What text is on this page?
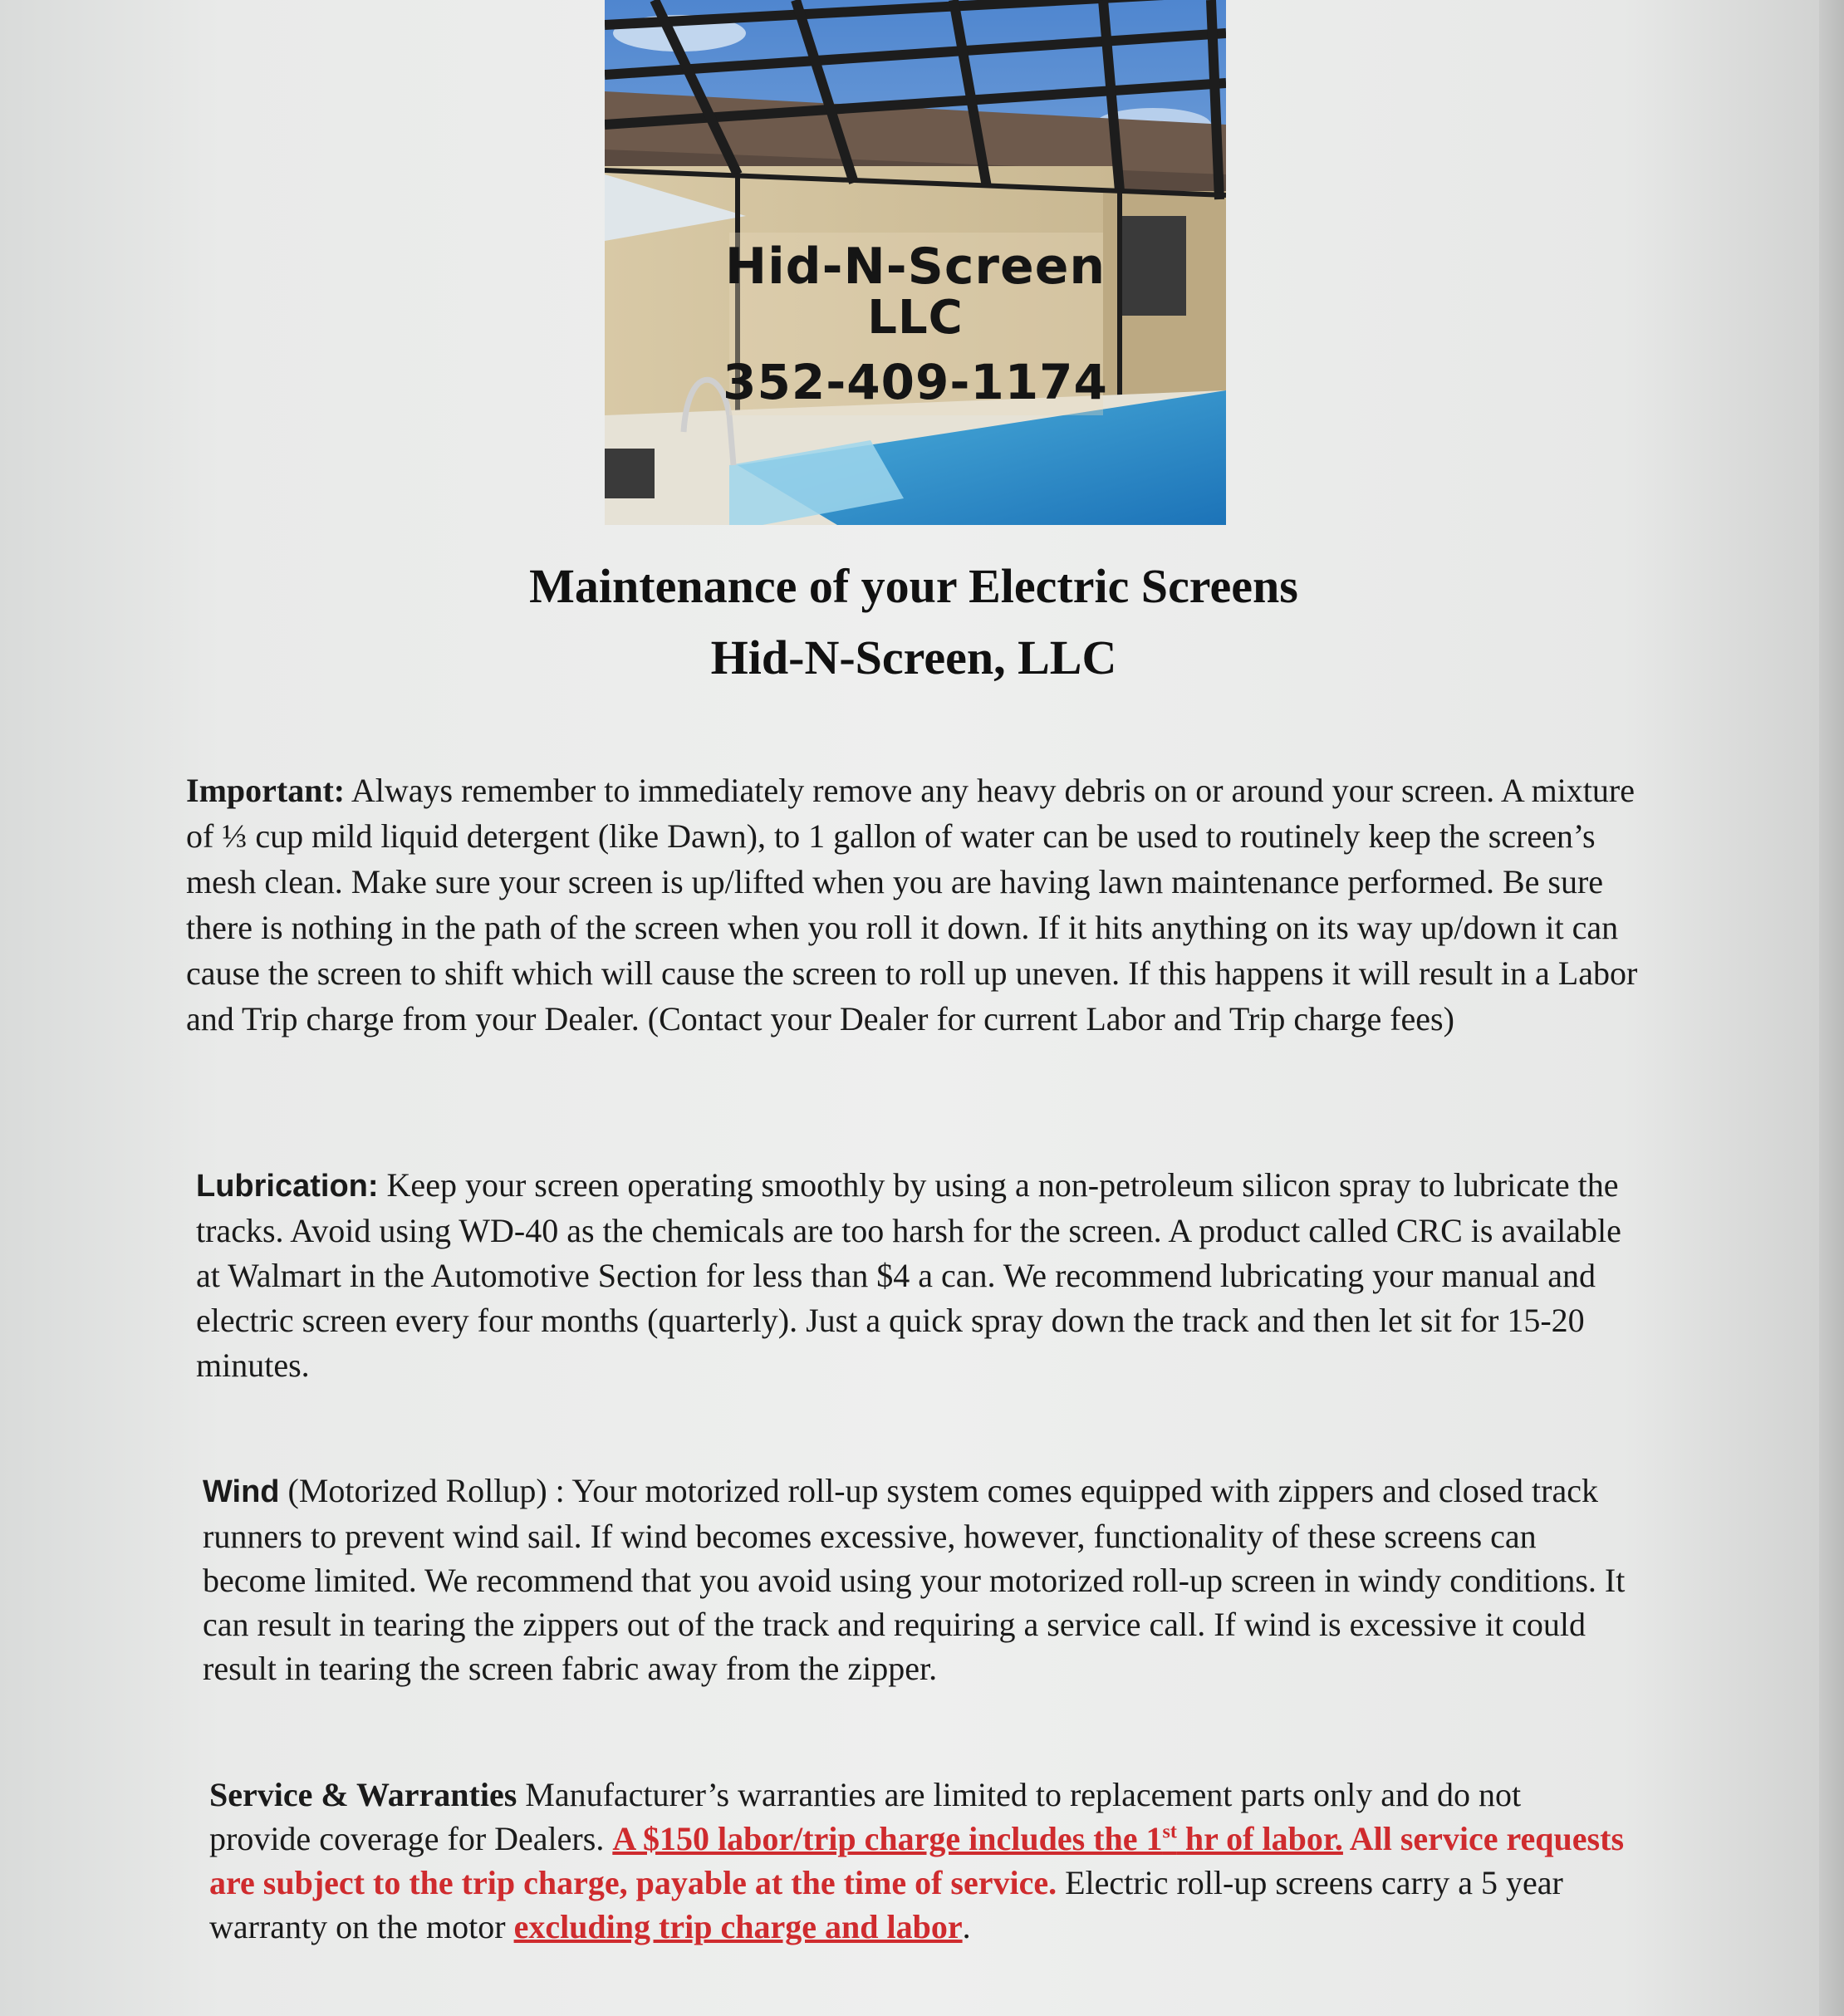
Hid-N-Screen
LLC
352-409-1174
Maintenance of your Electric Screens
Hid-N-Screen, LLC
Important: Always remember to immediately remove any heavy debris on or around your screen. A mixture of ⅓ cup mild liquid detergent (like Dawn), to 1 gallon of water can be used to routinely keep the screen’s mesh clean. Make sure your screen is up/lifted when you are having lawn maintenance performed. Be sure there is nothing in the path of the screen when you roll it down. If it hits anything on its way up/down it can cause the screen to shift which will cause the screen to roll up uneven. If this happens it will result in a Labor and Trip charge from your Dealer. (Contact your Dealer for current Labor and Trip charge fees)
Lubrication: Keep your screen operating smoothly by using a non-petroleum silicon spray to lubricate the tracks. Avoid using WD-40 as the chemicals are too harsh for the screen. A product called CRC is available at Walmart in the Automotive Section for less than $4 a can. We recommend lubricating your manual and electric screen every four months (quarterly). Just a quick spray down the track and then let sit for 15-20 minutes.
Wind (Motorized Rollup) : Your motorized roll-up system comes equipped with zippers and closed track runners to prevent wind sail. If wind becomes excessive, however, functionality of these screens can become limited. We recommend that you avoid using your motorized roll-up screen in windy conditions. It can result in tearing the zippers out of the track and requiring a service call. If wind is excessive it could result in tearing the screen fabric away from the zipper.
Service & Warranties Manufacturer’s warranties are limited to replacement parts only and do not provide coverage for Dealers. A $150 labor/trip charge includes the 1st hr of labor. All service requests are subject to the trip charge, payable at the time of service. Electric roll-up screens carry a 5 year warranty on the motor excluding trip charge and labor.
